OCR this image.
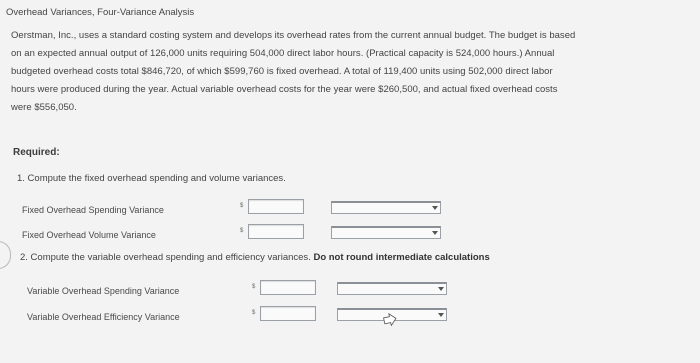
Overhead Variances, Four-Variance Analysis
Oerstman, Inc., uses a standard costing system and develops its overhead rates from the current annual budget. The budget is based
on an expected annual output of 126,000 units requiring 504,000 direct labor hours. (Practical capacity is 524,000 hours.) Annual
budgeted overhead costs total $846,720, of which $599,760 is fixed overhead. A total of 119,400 units using 502,000 direct labor
hours were produced during the year. Actual variable overhead costs for the year were $260,500, and actual fixed overhead costs
were $556,050.
Required:
1. Compute the fixed overhead spending and volume variances.
Fixed Overhead Spending Variance	$
Fixed Overhead Volume Variance	$
2. Compute the variable overhead spending and efficiency variances. Do not round intermediate calculations
Variable Overhead Spending Variance	$
Variable Overhead Efficiency Variance	$
